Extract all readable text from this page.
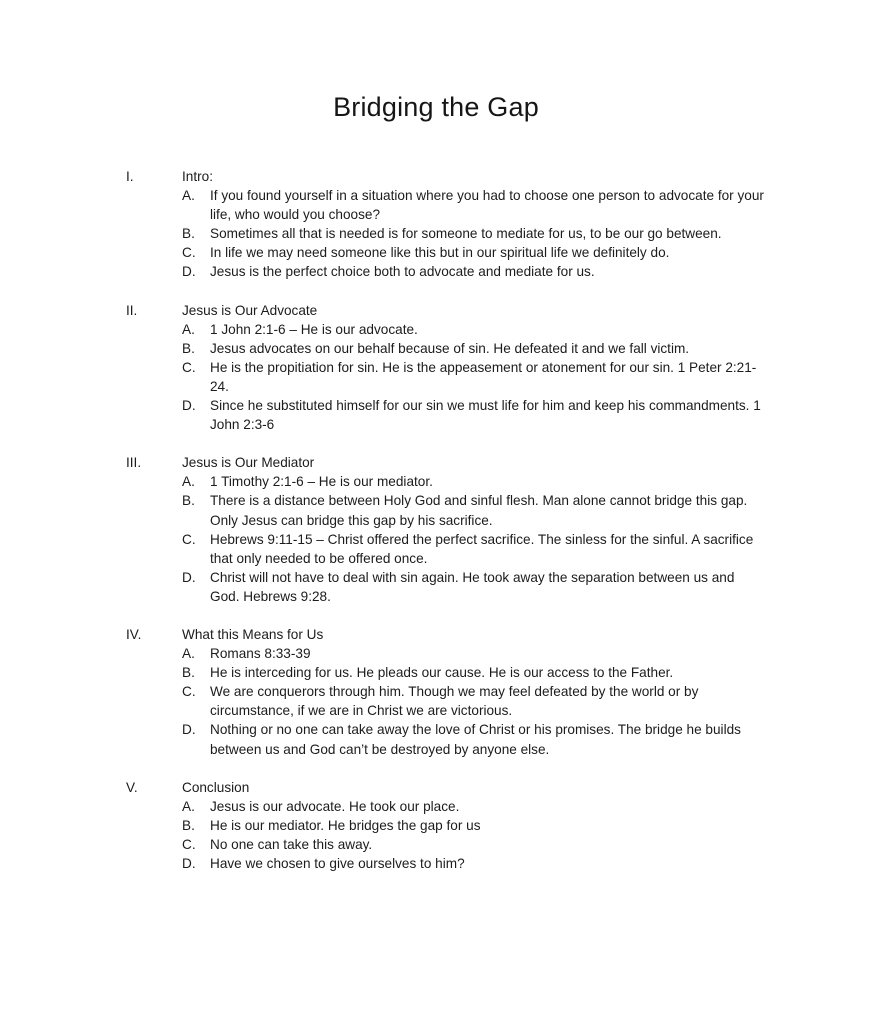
Bridging the Gap
I.	Intro:
A.	If you found yourself in a situation where you had to choose one person to advocate for your life, who would you choose?
B.	Sometimes all that is needed is for someone to mediate for us, to be our go between.
C.	In life we may need someone like this but in our spiritual life we definitely do.
D.	Jesus is the perfect choice both to advocate and mediate for us.
II.	Jesus is Our Advocate
A.	1 John 2:1-6 – He is our advocate.
B.	Jesus advocates on our behalf because of sin. He defeated it and we fall victim.
C.	He is the propitiation for sin. He is the appeasement or atonement for our sin. 1 Peter 2:21-24.
D.	Since he substituted himself for our sin we must life for him and keep his commandments. 1 John 2:3-6
III.	Jesus is Our Mediator
A.	1 Timothy 2:1-6 – He is our mediator.
B.	There is a distance between Holy God and sinful flesh. Man alone cannot bridge this gap. Only Jesus can bridge this gap by his sacrifice.
C.	Hebrews 9:11-15 – Christ offered the perfect sacrifice. The sinless for the sinful. A sacrifice that only needed to be offered once.
D.	Christ will not have to deal with sin again. He took away the separation between us and God. Hebrews 9:28.
IV.	What this Means for Us
A.	Romans 8:33-39
B.	He is interceding for us. He pleads our cause. He is our access to the Father.
C.	We are conquerors through him. Though we may feel defeated by the world or by circumstance, if we are in Christ we are victorious.
D.	Nothing or no one can take away the love of Christ or his promises. The bridge he builds between us and God can’t be destroyed by anyone else.
V.	Conclusion
A.	Jesus is our advocate. He took our place.
B.	He is our mediator. He bridges the gap for us
C.	No one can take this away.
D.	Have we chosen to give ourselves to him?
